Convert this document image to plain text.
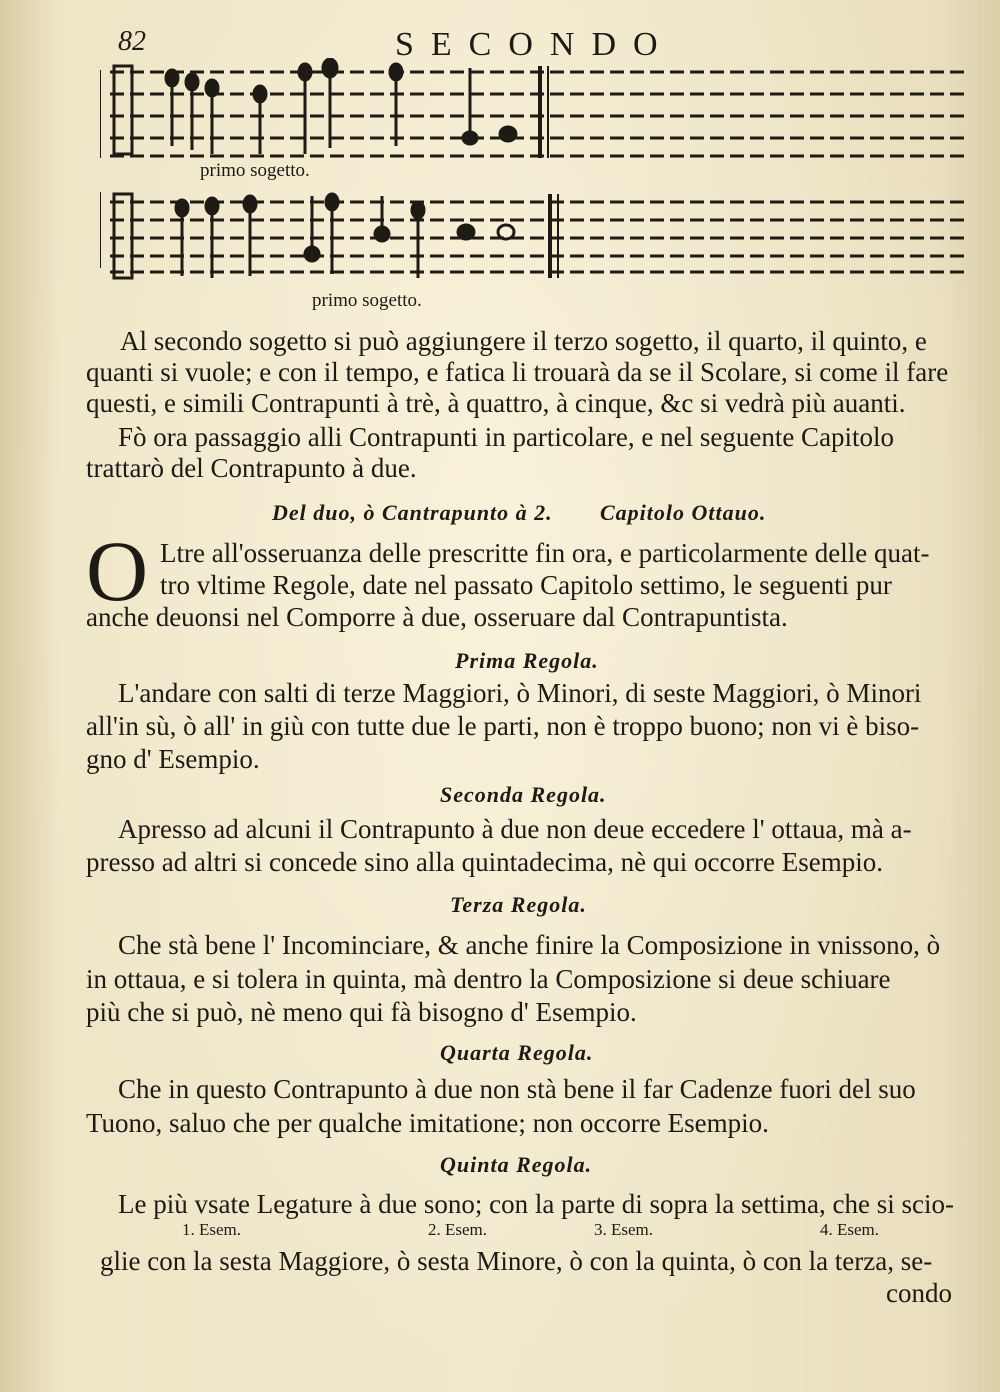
82	SECONDO
primo sogetto.
primo sogetto.
Al secondo sogetto si può aggiungere il terzo sogetto, il quarto, il quinto, e
quanti si vuole; e con il tempo, e fatica li trouarà da se il Scolare, si come il fare
questi, e simili Contrapunti à trè, à quattro, à cinque, &c si vedrà più auanti.
Fò ora passaggio alli Contrapunti in particolare, e nel seguente Capitolo
trattarò del Contrapunto à due.
Del duo, ò Cantrapunto à 2. Capitolo Ottauo.
O Ltre all'osseruanza delle prescritte fin ora, e particolarmente delle quat-
tro vltime Regole, date nel passato Capitolo settimo, le seguenti pur
anche deuonsi nel Comporre à due, osseruare dal Contrapuntista.
Prima Regola.
L'andare con salti di terze Maggiori, ò Minori, di seste Maggiori, ò Minori
all'in sù, ò all' in giù con tutte due le parti, non è troppo buono; non vi è biso-
gno d' Esempio.
Seconda Regola.
Apresso ad alcuni il Contrapunto à due non deue eccedere l' ottaua, mà a-
presso ad altri si concede sino alla quintadecima, nè qui occorre Esempio.
Terza Regola.
Che stà bene l' Incominciare, & anche finire la Composizione in vnissono, ò
in ottaua, e si tolera in quinta, mà dentro la Composizione si deue schiuare
più che si può, nè meno qui fà bisogno d' Esempio.
Quarta Regola.
Che in questo Contrapunto à due non stà bene il far Cadenze fuori del suo
Tuono, saluo che per qualche imitatione; non occorre Esempio.
Quinta Regola.
Le più vsate Legature à due sono; con la parte di sopra la settima, che si scio-
1. Esem.	2. Esem.	3. Esem.	4. Esem.
glie con la sesta Maggiore, ò sesta Minore, ò con la quinta, ò con la terza, se-
condo
